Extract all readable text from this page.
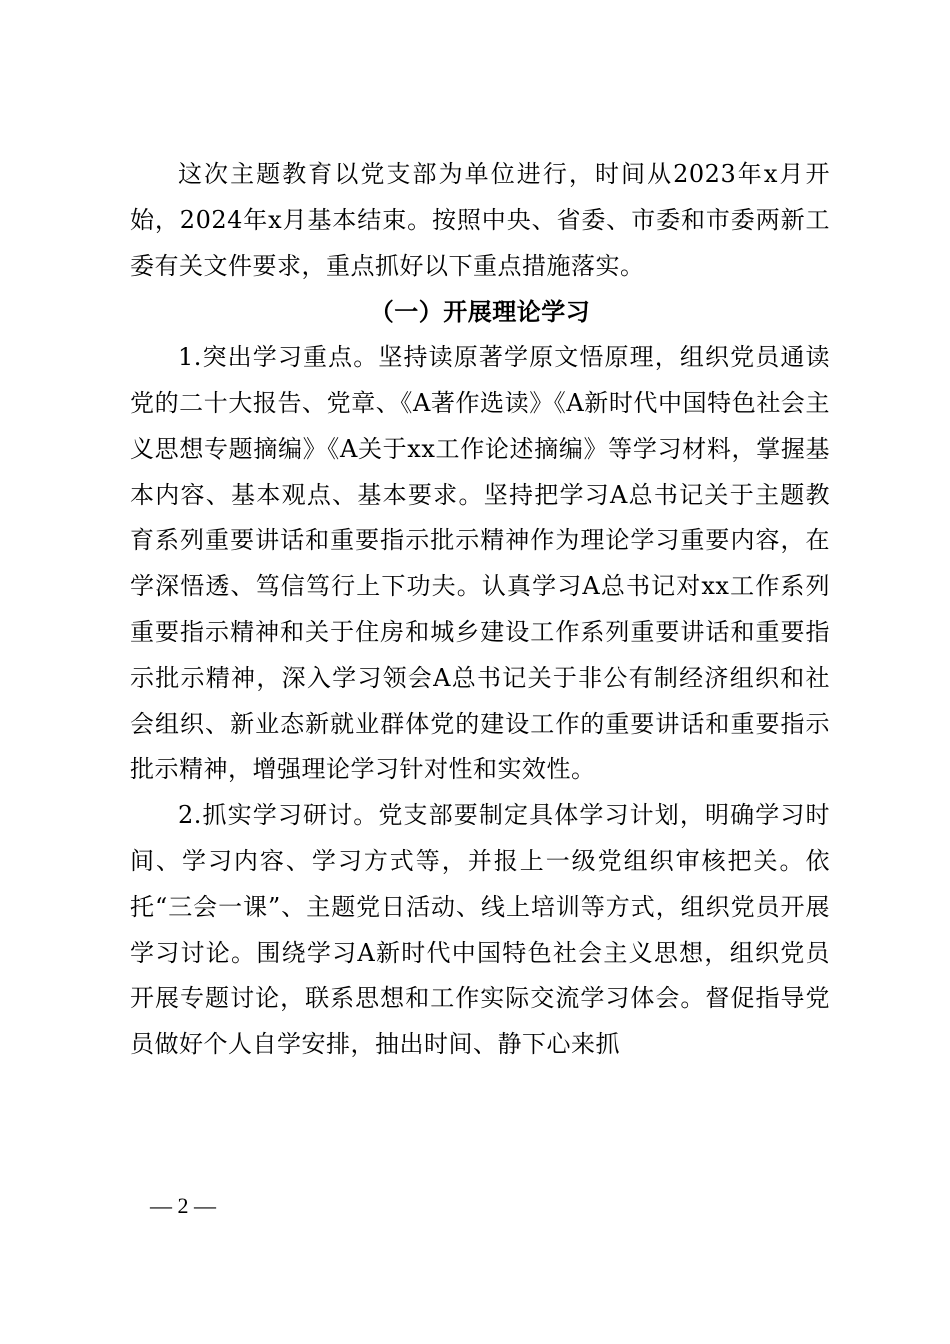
这次主题教育以党支部为单位进行，时间从2023年x月开始，2024年x月基本结束。按照中央、省委、市委和市委两新工委有关文件要求，重点抓好以下重点措施落实。

（一）开展理论学习

1.突出学习重点。坚持读原著学原文悟原理，组织党员通读党的二十大报告、党章、《A著作选读》《A新时代中国特色社会主义思想专题摘编》《A关于xx工作论述摘编》等学习材料，掌握基本内容、基本观点、基本要求。坚持把学习A总书记关于主题教育系列重要讲话和重要指示批示精神作为理论学习重要内容，在学深悟透、笃信笃行上下功夫。认真学习A总书记对xx工作系列重要指示精神和关于住房和城乡建设工作系列重要讲话和重要指示批示精神，深入学习领会A总书记关于非公有制经济组织和社会组织、新业态新就业群体党的建设工作的重要讲话和重要指示批示精神，增强理论学习针对性和实效性。

2.抓实学习研讨。党支部要制定具体学习计划，明确学习时间、学习内容、学习方式等，并报上一级党组织审核把关。依托“三会一课”、主题党日活动、线上培训等方式，组织党员开展学习讨论。围绕学习A新时代中国特色社会主义思想，组织党员开展专题讨论，联系思想和工作实际交流学习体会。督促指导党员做好个人自学安排，抽出时间、静下心来抓

— 2 —
